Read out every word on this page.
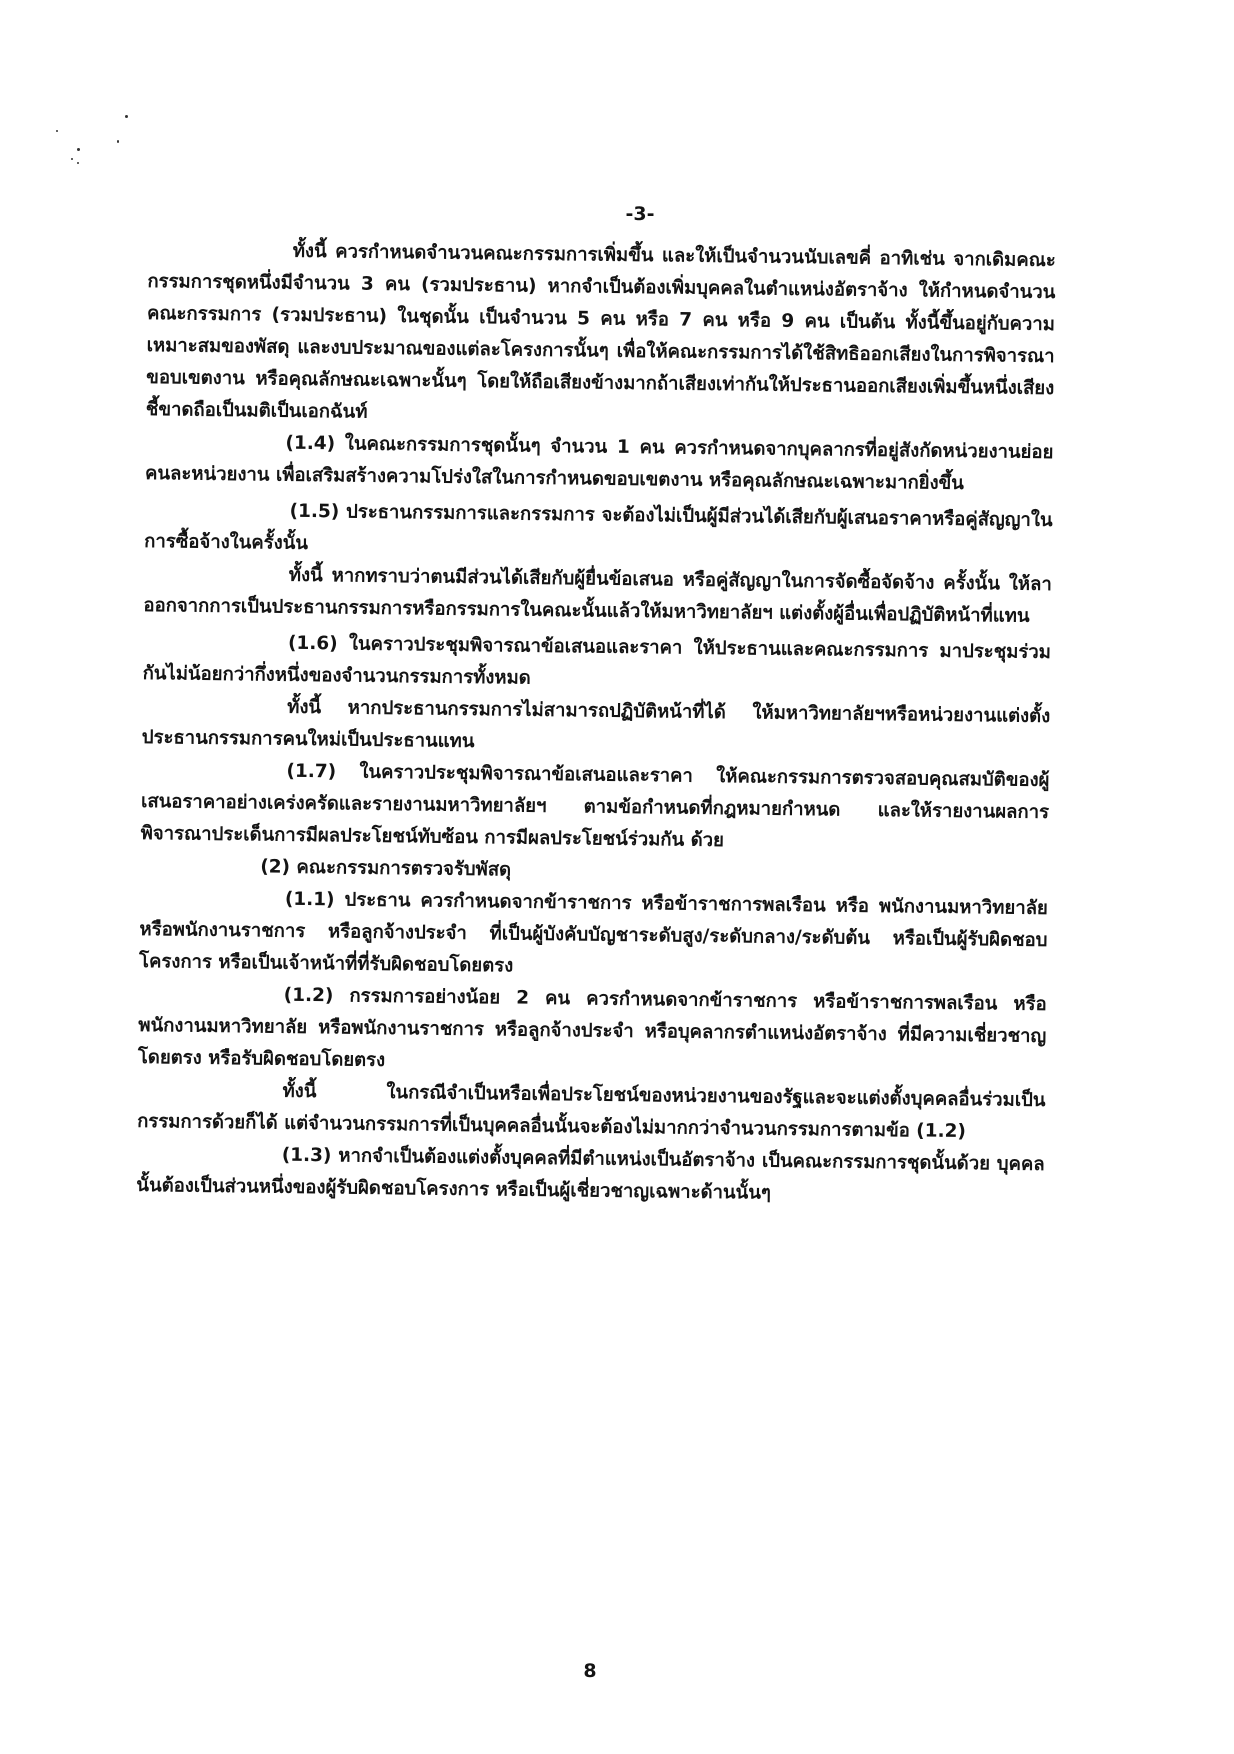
-3-

ทั้งนี้ ควรกำหนดจำนวนคณะกรรมการเพิ่มขึ้น และให้เป็นจำนวนนับเลขคี่ อาทิเช่น จากเดิมคณะกรรมการชุดหนึ่งมีจำนวน 3 คน (รวมประธาน) หากจำเป็นต้องเพิ่มบุคคลในตำแหน่งอัตราจ้าง ให้กำหนดจำนวนคณะกรรมการ (รวมประธาน) ในชุดนั้น เป็นจำนวน 5 คน หรือ 7 คน หรือ 9 คน เป็นต้น ทั้งนี้ขึ้นอยู่กับความเหมาะสมของพัสดุ และงบประมาณของแต่ละโครงการนั้นๆ เพื่อให้คณะกรรมการได้ใช้สิทธิออกเสียงในการพิจารณาขอบเขตงาน หรือคุณลักษณะเฉพาะนั้นๆ โดยให้ถือเสียงข้างมากถ้าเสียงเท่ากันให้ประธานออกเสียงเพิ่มขึ้นหนึ่งเสียงชี้ขาดถือเป็นมติเป็นเอกฉันท์

(1.4) ในคณะกรรมการชุดนั้นๆ จำนวน 1 คน ควรกำหนดจากบุคลากรที่อยู่สังกัดหน่วยงานย่อยคนละหน่วยงาน เพื่อเสริมสร้างความโปร่งใสในการกำหนดขอบเขตงาน หรือคุณลักษณะเฉพาะมากยิ่งขึ้น

(1.5) ประธานกรรมการและกรรมการ จะต้องไม่เป็นผู้มีส่วนได้เสียกับผู้เสนอราคาหรือคู่สัญญาในการซื้อจ้างในครั้งนั้น

ทั้งนี้ หากทราบว่าตนมีส่วนได้เสียกับผู้ยื่นข้อเสนอ หรือคู่สัญญาในการจัดซื้อจัดจ้าง ครั้งนั้น ให้ลาออกจากการเป็นประธานกรรมการหรือกรรมการในคณะนั้นแล้วให้มหาวิทยาลัยฯ แต่งตั้งผู้อื่นเพื่อปฏิบัติหน้าที่แทน

(1.6) ในคราวประชุมพิจารณาข้อเสนอและราคา ให้ประธานและคณะกรรมการ มาประชุมร่วมกันไม่น้อยกว่ากึ่งหนึ่งของจำนวนกรรมการทั้งหมด

ทั้งนี้ หากประธานกรรมการไม่สามารถปฏิบัติหน้าที่ได้ ให้มหาวิทยาลัยฯหรือหน่วยงานแต่งตั้งประธานกรรมการคนใหม่เป็นประธานแทน

(1.7) ในคราวประชุมพิจารณาข้อเสนอและราคา ให้คณะกรรมการตรวจสอบคุณสมบัติของผู้เสนอราคาอย่างเคร่งครัดและรายงานมหาวิทยาลัยฯ ตามข้อกำหนดที่กฎหมายกำหนด และให้รายงานผลการพิจารณาประเด็นการมีผลประโยชน์ทับซ้อน การมีผลประโยชน์ร่วมกัน ด้วย

(2) คณะกรรมการตรวจรับพัสดุ

(1.1) ประธาน ควรกำหนดจากข้าราชการ หรือข้าราชการพลเรือน หรือ พนักงานมหาวิทยาลัย หรือพนักงานราชการ หรือลูกจ้างประจำ ที่เป็นผู้บังคับบัญชาระดับสูง/ระดับกลาง/ระดับต้น หรือเป็นผู้รับผิดชอบโครงการ หรือเป็นเจ้าหน้าที่ที่รับผิดชอบโดยตรง

(1.2) กรรมการอย่างน้อย 2 คน ควรกำหนดจากข้าราชการ หรือข้าราชการพลเรือน หรือ พนักงานมหาวิทยาลัย หรือพนักงานราชการ หรือลูกจ้างประจำ หรือบุคลากรตำแหน่งอัตราจ้าง ที่มีความเชี่ยวชาญโดยตรง หรือรับผิดชอบโดยตรง

ทั้งนี้ ในกรณีจำเป็นหรือเพื่อประโยชน์ของหน่วยงานของรัฐและจะแต่งตั้งบุคคลอื่นร่วมเป็นกรรมการด้วยก็ได้ แต่จำนวนกรรมการที่เป็นบุคคลอื่นนั้นจะต้องไม่มากกว่าจำนวนกรรมการตามข้อ (1.2)

(1.3) หากจำเป็นต้องแต่งตั้งบุคคลที่มีตำแหน่งเป็นอัตราจ้าง เป็นคณะกรรมการชุดนั้นด้วย บุคคลนั้นต้องเป็นส่วนหนึ่งของผู้รับผิดชอบโครงการ หรือเป็นผู้เชี่ยวชาญเฉพาะด้านนั้นๆ

8
